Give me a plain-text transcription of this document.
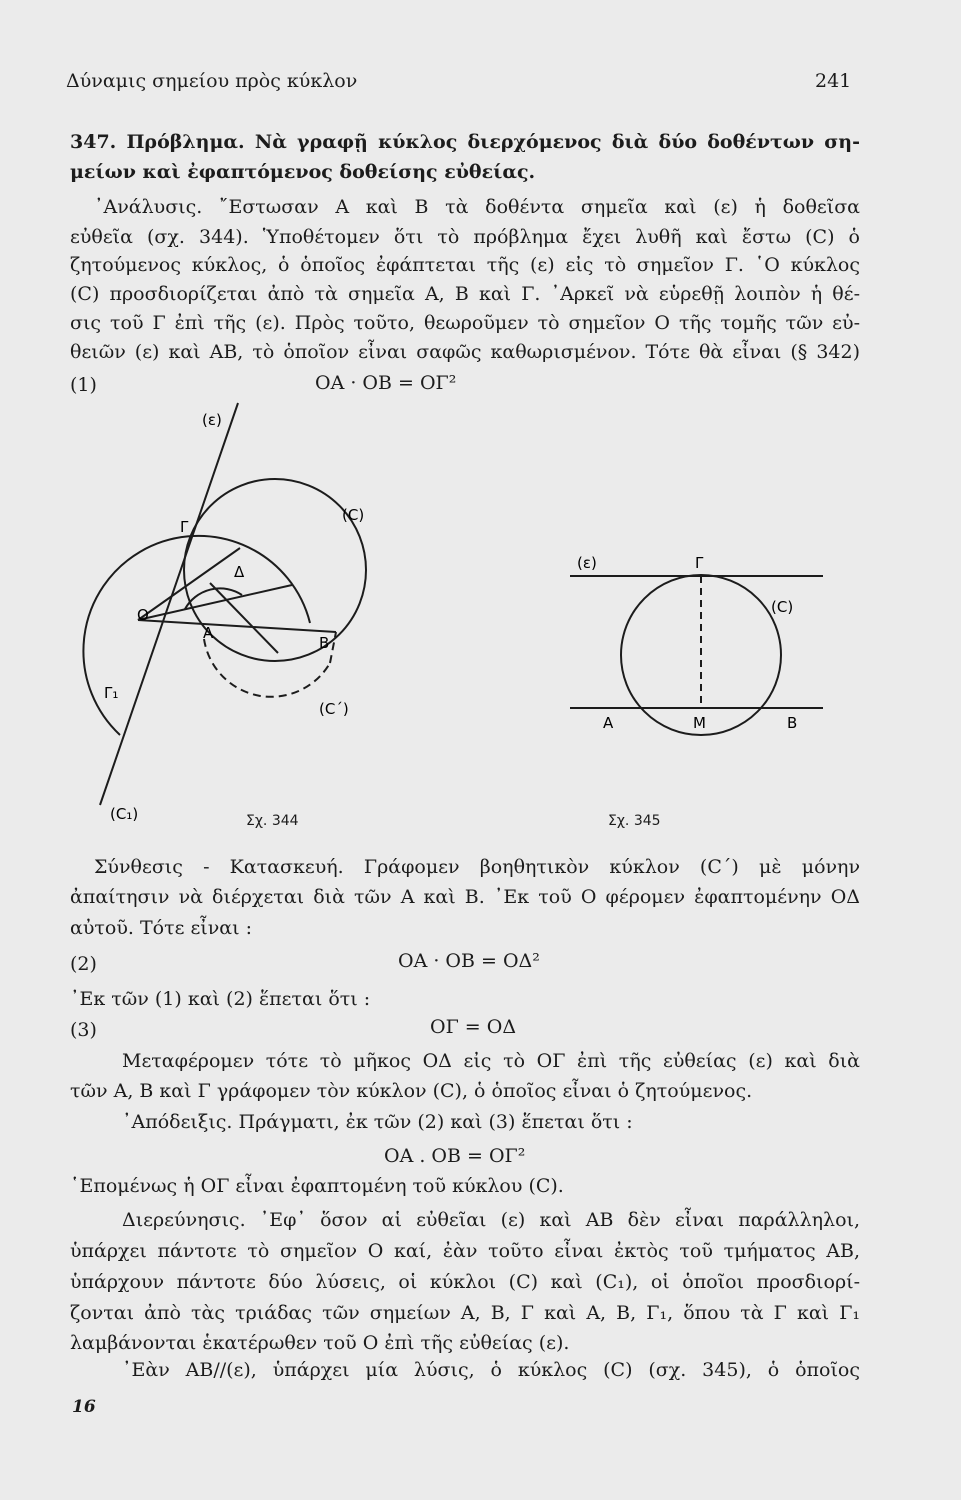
Δύναμις σημείου πρὸς κύκλον	241
347. Πρόβλημα. Νὰ γραφῇ κύκλος διερχόμενος διὰ δύο δοθέντων ση-
μείων καὶ ἐφαπτόμενος δοθείσης εὐθείας.
᾿Ανάλυσις. ῎Εστωσαν Α καὶ Β τὰ δοθέντα σημεῖα καὶ (ε) ἡ δοθεῖσα
εὐθεῖα (σχ. 344). Ὑποθέτομεν ὅτι τὸ πρόβλημα ἔχει λυθῆ καὶ ἔστω (C) ὁ
ζητούμενος κύκλος, ὁ ὁποῖος ἐφάπτεται τῆς (ε) εἰς τὸ σημεῖον Γ. ῾Ο κύκλος
(C) προσδιορίζεται ἀπὸ τὰ σημεῖα Α, Β καὶ Γ. ᾿Αρκεῖ νὰ εὑρεθῇ λοιπὸν ἡ θέ-
σις τοῦ Γ ἐπὶ τῆς (ε). Πρὸς τοῦτο, θεωροῦμεν τὸ σημεῖον Ο τῆς τομῆς τῶν εὐ-
θειῶν (ε) καὶ ΑΒ, τὸ ὁποῖον εἶναι σαφῶς καθωρισμένον. Τότε θὰ εἶναι (§ 342)
(1)	ΟΑ · ΟΒ = ΟΓ²
(ε)
(C)
Γ
Δ
Ο
Α
Β
Γ₁
(C΄)
(C₁)	Σχ. 344
(ε)	Γ
(C)
Α	Μ	Β
Σχ. 345
Σύνθεσις - Κατασκευή. Γράφομεν βοηθητικὸν κύκλον (C΄) μὲ μόνην
ἀπαίτησιν νὰ διέρχεται διὰ τῶν Α καὶ Β. ᾿Εκ τοῦ Ο φέρομεν ἐφαπτομένην ΟΔ
αὐτοῦ. Τότε εἶναι :
(2)	ΟΑ · ΟΒ = ΟΔ²
᾿Εκ τῶν (1) καὶ (2) ἕπεται ὅτι :
(3)	ΟΓ = ΟΔ
Μεταφέρομεν τότε τὸ μῆκος ΟΔ εἰς τὸ ΟΓ ἐπὶ τῆς εὐθείας (ε) καὶ διὰ
τῶν Α, Β καὶ Γ γράφομεν τὸν κύκλον (C), ὁ ὁποῖος εἶναι ὁ ζητούμενος.
᾿Απόδειξις. Πράγματι, ἐκ τῶν (2) καὶ (3) ἕπεται ὅτι :
ΟΑ . ΟΒ = ΟΓ²
῾Επομένως ἡ ΟΓ εἶναι ἐφαπτομένη τοῦ κύκλου (C).
Διερεύνησις. ᾿Εφ᾿ ὅσον αἱ εὐθεῖαι (ε) καὶ ΑΒ δὲν εἶναι παράλληλοι,
ὑπάρχει πάντοτε τὸ σημεῖον Ο καί, ἐὰν τοῦτο εἶναι ἐκτὸς τοῦ τμήματος ΑΒ,
ὑπάρχουν πάντοτε δύο λύσεις, οἱ κύκλοι (C) καὶ (C₁), οἱ ὁποῖοι προσδιορί-
ζονται ἀπὸ τὰς τριάδας τῶν σημείων Α, Β, Γ καὶ Α, Β, Γ₁, ὅπου τὰ Γ καὶ Γ₁
λαμβάνονται ἑκατέρωθεν τοῦ Ο ἐπὶ τῆς εὐθείας (ε).
᾿Εὰν ΑΒ//(ε), ὑπάρχει μία λύσις, ὁ κύκλος (C) (σχ. 345), ὁ ὁποῖος
16
